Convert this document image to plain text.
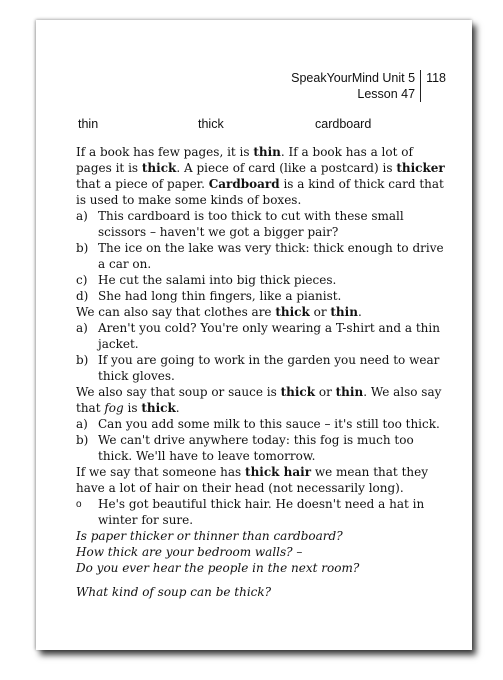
SpeakYourMind Unit 5
Lesson 47
118
thin	thick	cardboard

If a book has few pages, it is thin. If a book has a lot of pages it is thick. A piece of card (like a postcard) is thicker that a piece of paper. Cardboard is a kind of thick card that is used to make some kinds of boxes.

a) This cardboard is too thick to cut with these small scissors – haven't we got a bigger pair?
b) The ice on the lake was very thick: thick enough to drive a car on.
c) He cut the salami into big thick pieces.
d) She had long thin fingers, like a pianist.

We can also say that clothes are thick or thin.

a) Aren't you cold? You're only wearing a T-shirt and a thin jacket.
b) If you are going to work in the garden you need to wear thick gloves.

We also say that soup or sauce is thick or thin. We also say that fog is thick.

a) Can you add some milk to this sauce – it's still too thick.
b) We can't drive anywhere today: this fog is much too thick. We'll have to leave tomorrow.

If we say that someone has thick hair we mean that they have a lot of hair on their head (not necessarily long).

o	He's got beautiful thick hair. He doesn't need a hat in winter for sure.

Is paper thicker or thinner than cardboard?

How thick are your bedroom walls? –
Do you ever hear the people in the next room?

What kind of soup can be thick?
